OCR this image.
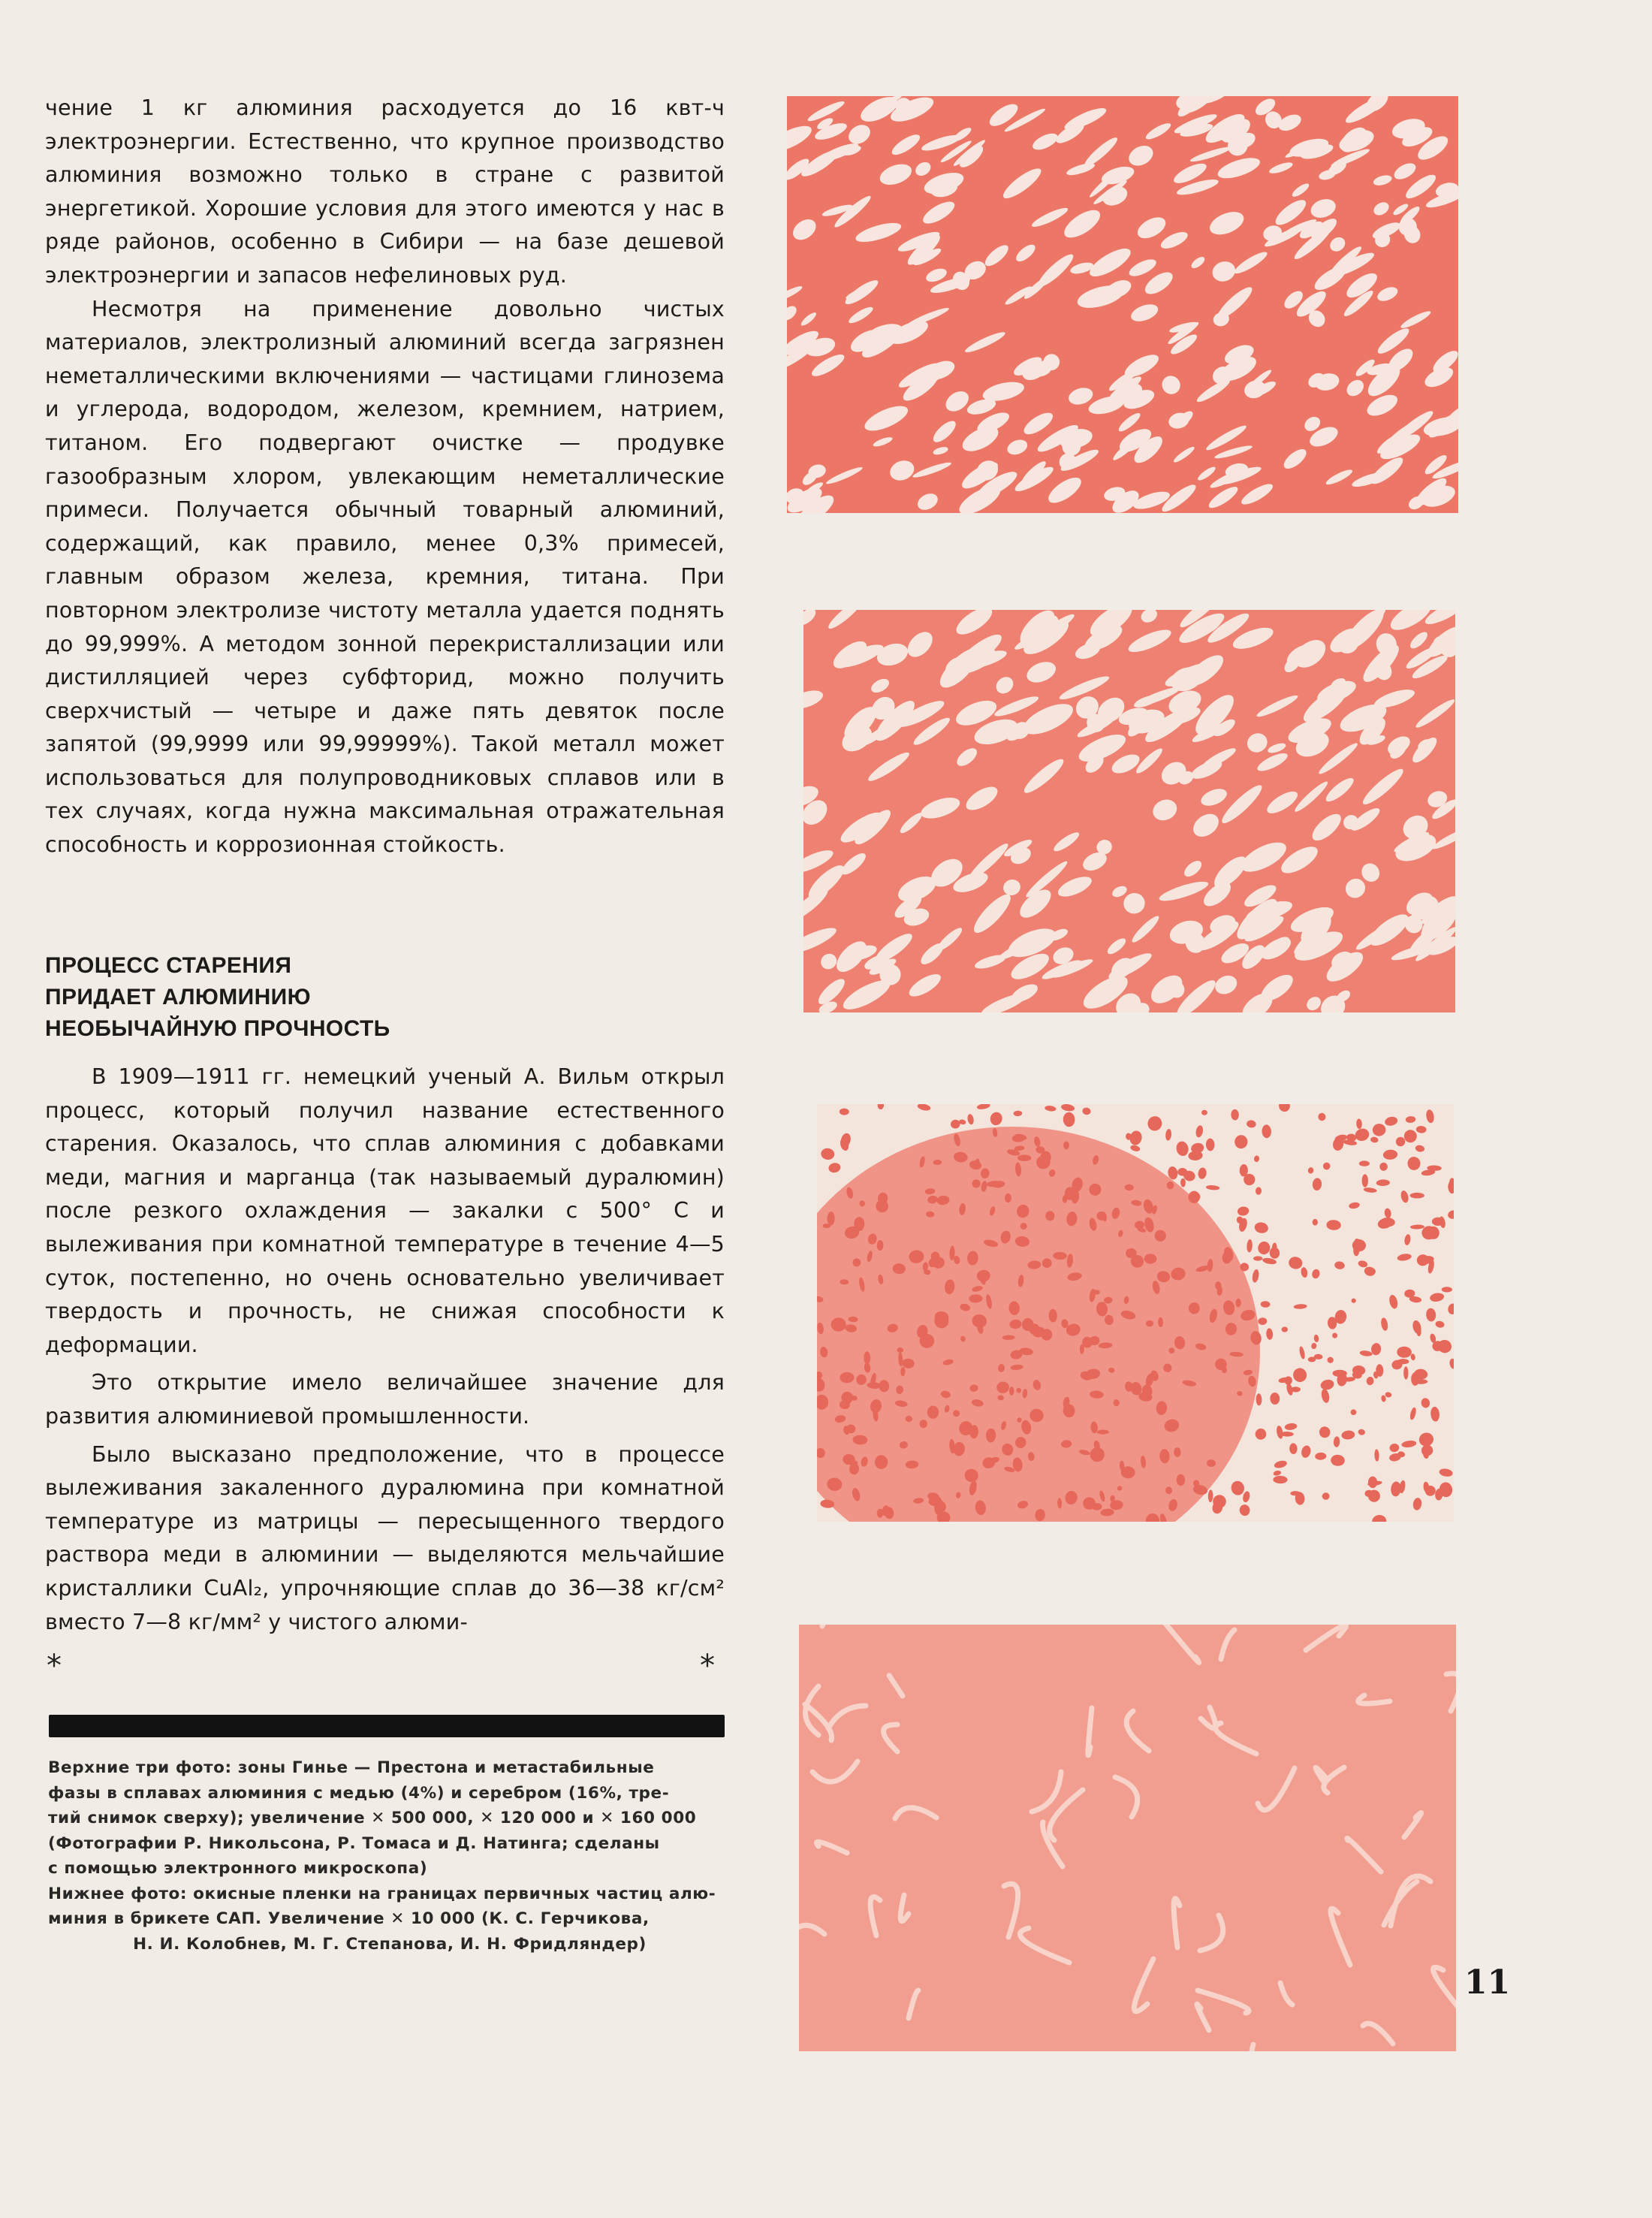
чение 1 кг алюминия расходуется до 16 квт-ч электроэнергии. Естественно, что крупное производство алюминия возможно только в стране с развитой энергетикой. Хорошие условия для этого имеются у нас в ряде районов, особенно в Сибири — на базе дешевой электроэнергии и запасов нефелиновых руд.

Несмотря на применение довольно чистых материалов, электролизный алюминий всегда загрязнен неметаллическими включениями — частицами глинозема и углерода, водородом, железом, кремнием, натрием, титаном. Его подвергают очистке — продувке газообразным хлором, увлекающим неметаллические примеси. Получается обычный товарный алюминий, содержащий, как правило, менее 0,3% примесей, главным образом железа, кремния, титана. При повторном электролизе чистоту металла удается поднять до 99,999%. А методом зонной перекристаллизации или дистилляцией через субфторид, можно получить сверхчистый — четыре и даже пять девяток после запятой (99,9999 или 99,99999%). Такой металл может использоваться для полупроводниковых сплавов или в тех случаях, когда нужна максимальная отражательная способность и коррозионная стойкость.

ПРОЦЕСС СТАРЕНИЯ

ПРИДАЕТ АЛЮМИНИЮ

НЕОБЫЧАЙНУЮ ПРОЧНОСТЬ

В 1909—1911 гг. немецкий ученый А. Вильм открыл процесс, который получил название естественного старения. Оказалось, что сплав алюминия с добавками меди, магния и марганца (так называемый дуралюмин) после резкого охлаждения — закалки с 500° С и вылеживания при комнатной температуре в течение 4—5 суток, постепенно, но очень основательно увеличивает твердость и прочность, не снижая способности к деформации.

Это открытие имело величайшее значение для развития алюминиевой промышленности.

Было высказано предположение, что в процессе вылеживания закаленного дуралюмина при комнатной температуре из матрицы — пересыщенного твердого раствора меди в алюминии — выделяются мельчайшие кристаллики CuAl₂, упрочняющие сплав до 36—38 кг/см² вместо 7—8 кг/мм² у чистого алюми-

*	*

Верхние три фото: зоны Гинье — Престона и метастабильные

фазы в сплавах алюминия с медью (4%) и серебром (16%, тре-

тий снимок сверху); увеличение ✕ 500 000, ✕ 120 000 и ✕ 160 000

(Фотографии Р. Никольсона, Р. Томаса и Д. Натинга; сделаны

с помощью электронного микроскопа)

Нижнее фото: окисные пленки на границах первичных частиц алю-

миния в брикете САП. Увеличение ✕ 10 000 (К. С. Герчикова,

Н. И. Колобнев, М. Г. Степанова, И. Н. Фридляндер)

11
